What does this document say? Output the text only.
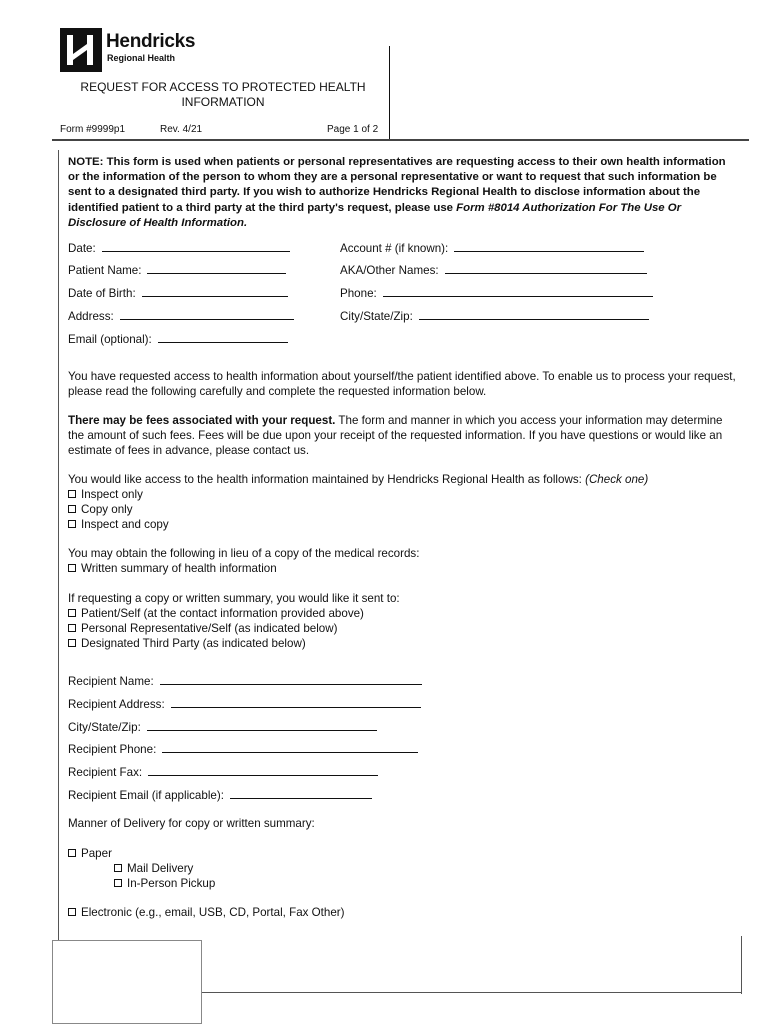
Hendricks
Regional Health
REQUEST FOR ACCESS TO PROTECTED HEALTH INFORMATION
Form #9999p1	Rev. 4/21	Page 1 of 2
NOTE: This form is used when patients or personal representatives are requesting access to their own health information or the information of the person to whom they are a personal representative or want to request that such information be sent to a designated third party. If you wish to authorize Hendricks Regional Health to disclose information about the identified patient to a third party at the third party's request, please use Form #8014 Authorization For The Use Or Disclosure of Health Information.
Date:	Account # (if known):
Patient Name:	AKA/Other Names:
Date of Birth:	Phone:
Address:	City/State/Zip:
Email (optional):
You have requested access to health information about yourself/the patient identified above. To enable us to process your request, please read the following carefully and complete the requested information below.
There may be fees associated with your request. The form and manner in which you access your information may determine the amount of such fees. Fees will be due upon your receipt of the requested information. If you have questions or would like an estimate of fees in advance, please contact us.
You would like access to the health information maintained by Hendricks Regional Health as follows: (Check one)
Inspect only
Copy only
Inspect and copy
You may obtain the following in lieu of a copy of the medical records:
Written summary of health information
If requesting a copy or written summary, you would like it sent to:
Patient/Self (at the contact information provided above)
Personal Representative/Self (as indicated below)
Designated Third Party (as indicated below)
Recipient Name:
Recipient Address:
City/State/Zip:
Recipient Phone:
Recipient Fax:
Recipient Email (if applicable):
Manner of Delivery for copy or written summary:
Paper
Mail Delivery
In-Person Pickup
Electronic (e.g., email, USB, CD, Portal, Fax Other)
